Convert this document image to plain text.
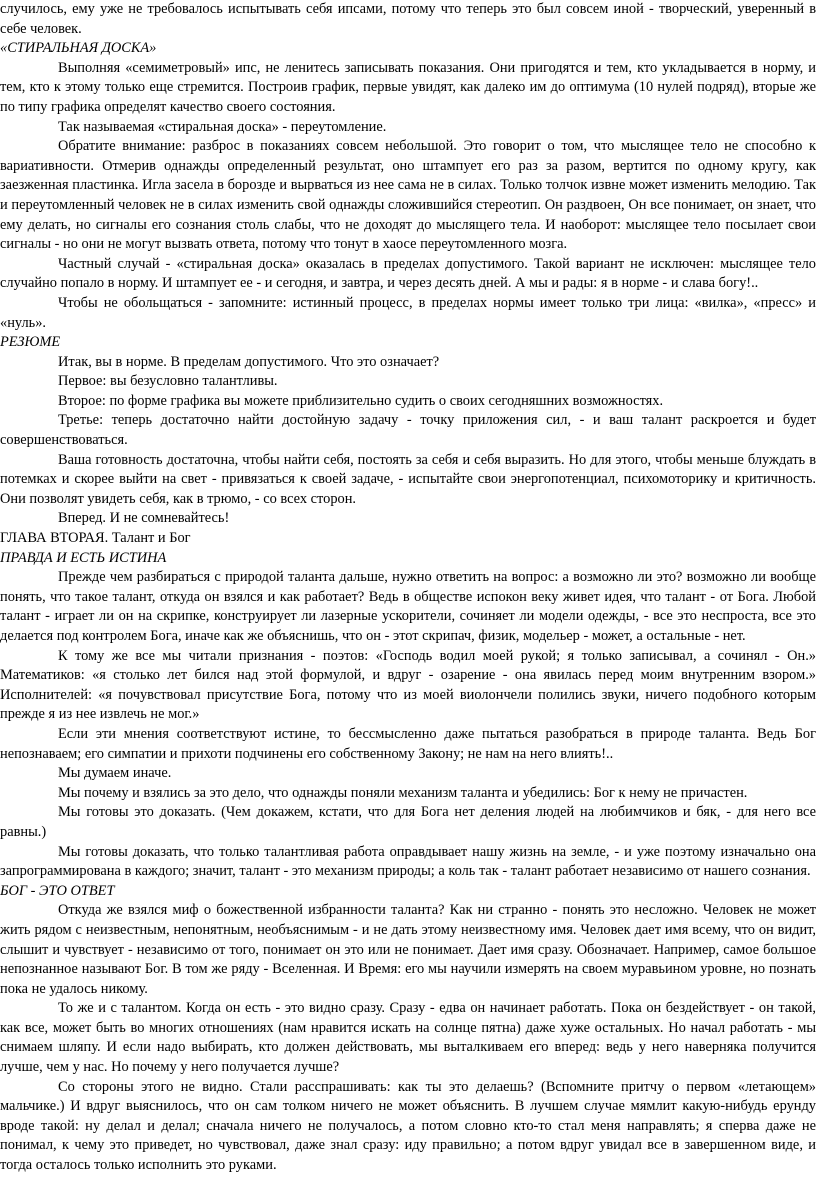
случилось, ему уже не требовалось испытывать себя ипсами, потому что теперь это был совсем иной - творческий, уверенный в себе человек.

«СТИРАЛЬНАЯ ДОСКА»

Выполняя «семиметровый» ипс, не ленитесь записывать показания. Они пригодятся и тем, кто укладывается в норму, и тем, кто к этому только еще стремится. Построив график, первые увидят, как далеко им до оптимума (10 нулей подряд), вторые же по типу графика определят качество своего состояния.

Так называемая «стиральная доска» - переутомление.

Обратите внимание: разброс в показаниях совсем небольшой. Это говорит о том, что мыслящее тело не способно к вариативности. Отмерив однажды определенный результат, оно штампует его раз за разом, вертится по одному кругу, как заезженная пластинка. Игла засела в борозде и вырваться из нее сама не в силах. Только толчок извне может изменить мелодию. Так и переутомленный человек не в силах изменить свой однажды сложившийся стереотип. Он раздвоен, Он все понимает, он знает, что ему делать, но сигналы его сознания столь слабы, что не доходят до мыслящего тела. И наоборот: мыслящее тело посылает свои сигналы - но они не могут вызвать ответа, потому что тонут в хаосе переутомленного мозга.

Частный случай - «стиральная доска» оказалась в пределах допустимого. Такой вариант не исключен: мыслящее тело случайно попало в норму. И штампует ее - и сегодня, и завтра, и через десять дней. А мы и рады: я в норме - и слава богу!..

Чтобы не обольщаться - запомните: истинный процесс, в пределах нормы имеет только три лица: «вилка», «пресс» и «нуль».

РЕЗЮМЕ

Итак, вы в норме. В пределам допустимого. Что это означает?

Первое: вы безусловно талантливы.

Второе: по форме графика вы можете приблизительно судить о своих сегодняшних возможностях.

Третье: теперь достаточно найти достойную задачу - точку приложения сил, - и ваш талант раскроется и будет совершенствоваться.

Ваша готовность достаточна, чтобы найти себя, постоять за себя и себя выразить. Но для этого, чтобы меньше блуждать в потемках и скорее выйти на свет - привязаться к своей задаче, - испытайте свои энергопотенциал, психомоторику и критичность. Они позволят увидеть себя, как в трюмо, - со всех сторон.

Вперед. И не сомневайтесь!

ГЛАВА ВТОРАЯ. Талант и Бог

ПРАВДА И ЕСТЬ ИСТИНА

Прежде чем разбираться с природой таланта дальше, нужно ответить на вопрос: а возможно ли это? возможно ли вообще понять, что такое талант, откуда он взялся и как работает? Ведь в обществе испокон веку живет идея, что талант - от Бога. Любой талант - играет ли он на скрипке, конструирует ли лазерные ускорители, сочиняет ли модели одежды, - все это неспроста, все это делается под контролем Бога, иначе как же объяснишь, что он - этот скрипач, физик, модельер - может, а остальные - нет.

К тому же все мы читали признания - поэтов: «Господь водил моей рукой; я только записывал, а сочинял - Он.» Математиков: «я столько лет бился над этой формулой, и вдруг - озарение - она явилась перед моим внутренним взором.» Исполнителей: «я почувствовал присутствие Бога, потому что из моей виолончели полились звуки, ничего подобного которым прежде я из нее извлечь не мог.»

Если эти мнения соответствуют истине, то бессмысленно даже пытаться разобраться в природе таланта. Ведь Бог непознаваем; его симпатии и прихоти подчинены его собственному Закону; не нам на него влиять!..

Мы думаем иначе.

Мы почему и взялись за это дело, что однажды поняли механизм таланта и убедились: Бог к нему не причастен.

Мы готовы это доказать. (Чем докажем, кстати, что для Бога нет деления людей на любимчиков и бяк, - для него все равны.)

Мы готовы доказать, что только талантливая работа оправдывает нашу жизнь на земле, - и уже поэтому изначально она запрограммирована в каждого; значит, талант - это механизм природы; а коль так - талант работает независимо от нашего сознания.

БОГ - ЭТО ОТВЕТ

Откуда же взялся миф о божественной избранности таланта? Как ни странно - понять это несложно. Человек не может жить рядом с неизвестным, непонятным, необъяснимым - и не дать этому неизвестному имя. Человек дает имя всему, что он видит, слышит и чувствует - независимо от того, понимает он это или не понимает. Дает имя сразу. Обозначает. Например, самое большое непознанное называют Бог. В том же ряду - Вселенная. И Время: его мы научили измерять на своем муравьином уровне, но познать пока не удалось никому.

То же и с талантом. Когда он есть - это видно сразу. Сразу - едва он начинает работать. Пока он бездействует - он такой, как все, может быть во многих отношениях (нам нравится искать на солнце пятна) даже хуже остальных. Но начал работать - мы снимаем шляпу. И если надо выбирать, кто должен действовать, мы выталкиваем его вперед: ведь у него наверняка получится лучше, чем у нас. Но почему у него получается лучше?

Со стороны этого не видно. Стали расспрашивать: как ты это делаешь? (Вспомните притчу о первом «летающем» мальчике.) И вдруг выяснилось, что он сам толком ничего не может объяснить. В лучшем случае мямлит какую-нибудь ерунду вроде такой: ну делал и делал; сначала ничего не получалось, а потом словно кто-то стал меня направлять; я сперва даже не понимал, к чему это приведет, но чувствовал, даже знал сразу: иду правильно; а потом вдруг увидал все в завершенном виде, и тогда осталось только исполнить это руками.
